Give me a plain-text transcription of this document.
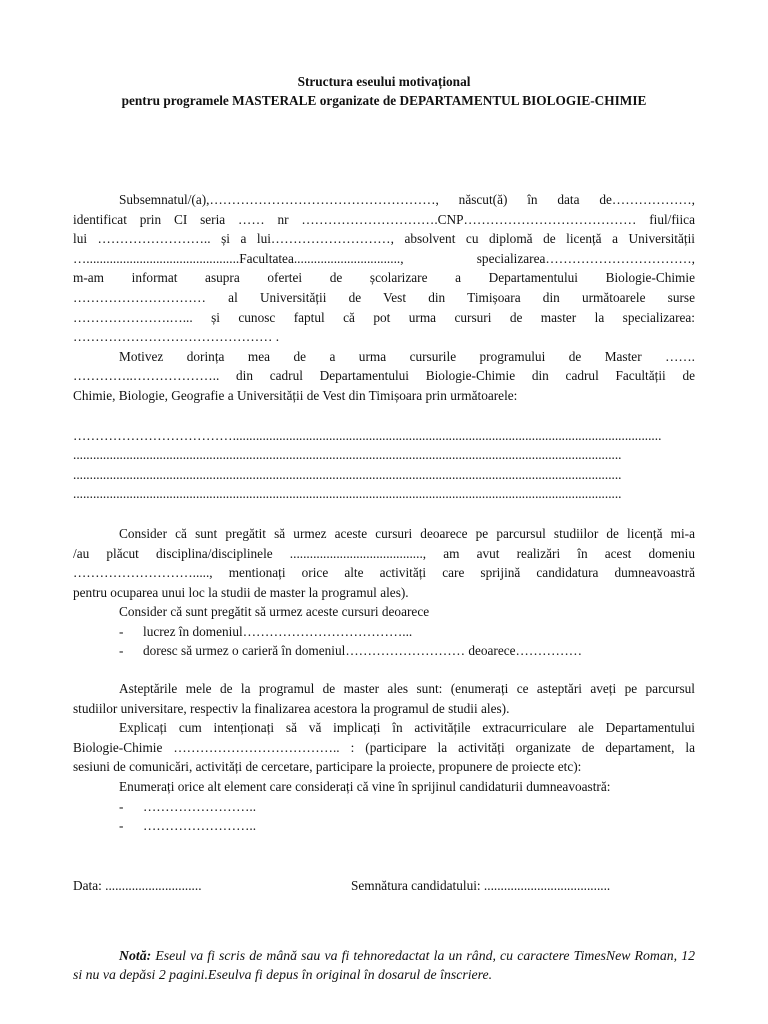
Structura eseului motivațional
pentru programele MASTERALE organizate de DEPARTAMENTUL BIOLOGIE-CHIMIE
Subsemnatul/(a),……………………………………………, născut(ă) în data de………………,
identificat prin CI seria …… nr ………………………….CNP………………………………… fiul/fiica
lui …………………….. și a lui………………………, absolvent cu diplomă de licență a Universității
…..............................................Facultatea................................, specializarea……………………………,
m-am informat asupra ofertei de școlarizare a Departamentului Biologie-Chimie
………………………… al Universității de Vest din Timișoara din următoarele surse
………………….…... și cunosc faptul că pot urma cursuri de master la specializarea:
……………………………………… .
Motivez dorința mea de a urma cursurile programului de Master …….
…………..……………….. din cadrul Departamentului Biologie-Chimie din cadrul Facultății de
Chimie, Biologie, Geografie a Universității de Vest din Timișoara prin următoarele:
……………………………….................................................................................................................................
.....................................................................................................................................................................
.....................................................................................................................................................................
.....................................................................................................................................................................
Consider că sunt pregătit să urmez aceste cursuri deoarece pe parcursul studiilor de licență mi-a
/au plăcut disciplina/disciplinele ........................................, am avut realizări în acest domeniu
………………………....., mentionați orice alte activități care sprijină candidatura dumneavoastră
pentru ocuparea unui loc la studii de master la programul ales).
Consider că sunt pregătit să urmez aceste cursuri deoarece
- lucrez în domeniul………………………………...
- doresc să urmez o carieră în domeniul……………………… deoarece……………
Asteptările mele de la programul de master ales sunt: (enumerați ce asteptări aveți pe parcursul
studiilor universitare, respectiv la finalizarea acestora la programul de studii ales).
Explicați cum intenționați să vă implicați în activitățile extracurriculare ale Departamentului
Biologie-Chimie ……………………………….. : (participare la activități organizate de departament, la
sesiuni de comunicări, activități de cercetare, participare la proiecte, propunere de proiecte etc):
Enumerați orice alt element care considerați că vine în sprijinul candidaturii dumneavoastră:
- ……………………..
- ……………………..
Data: .............................	Semnătura candidatului: ......................................
Notă: Eseul va fi scris de mână sau va fi tehnoredactat la un rând, cu caractere TimesNew Roman, 12 si nu va depăsi 2 pagini.Eseulva fi depus în original în dosarul de înscriere.
